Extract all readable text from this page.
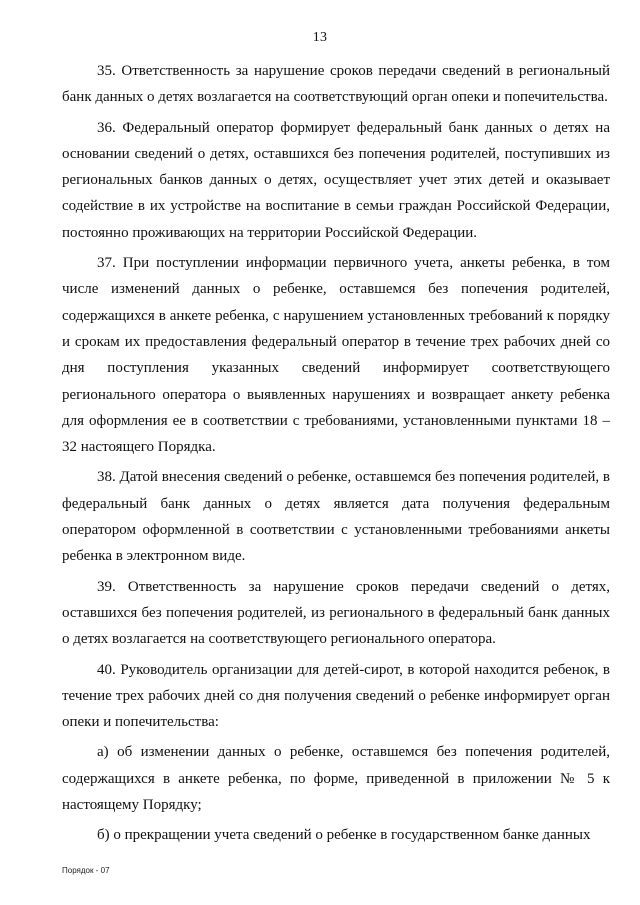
13

35. Ответственность за нарушение сроков передачи сведений в региональный банк данных о детях возлагается на соответствующий орган опеки и попечительства.

36. Федеральный оператор формирует федеральный банк данных о детях на основании сведений о детях, оставшихся без попечения родителей, поступивших из региональных банков данных о детях, осуществляет учет этих детей и оказывает содействие в их устройстве на воспитание в семьи граждан Российской Федерации, постоянно проживающих на территории Российской Федерации.

37. При поступлении информации первичного учета, анкеты ребенка, в том числе изменений данных о ребенке, оставшемся без попечения родителей, содержащихся в анкете ребенка, с нарушением установленных требований к порядку и срокам их предоставления федеральный оператор в течение трех рабочих дней со дня поступления указанных сведений информирует соответствующего регионального оператора о выявленных нарушениях и возвращает анкету ребенка для оформления ее в соответствии с требованиями, установленными пунктами 18 – 32 настоящего Порядка.

38. Датой внесения сведений о ребенке, оставшемся без попечения родителей, в федеральный банк данных о детях является дата получения федеральным оператором оформленной в соответствии с установленными требованиями анкеты ребенка в электронном виде.

39. Ответственность за нарушение сроков передачи сведений о детях, оставшихся без попечения родителей, из регионального в федеральный банк данных о детях возлагается на соответствующего регионального оператора.

40. Руководитель организации для детей-сирот, в которой находится ребенок, в течение трех рабочих дней со дня получения сведений о ребенке информирует орган опеки и попечительства:

а) об изменении данных о ребенке, оставшемся без попечения родителей, содержащихся в анкете ребенка, по форме, приведенной в приложении № 5 к настоящему Порядку;

б) о прекращении учета сведений о ребенке в государственном банке данных

Порядок - 07
